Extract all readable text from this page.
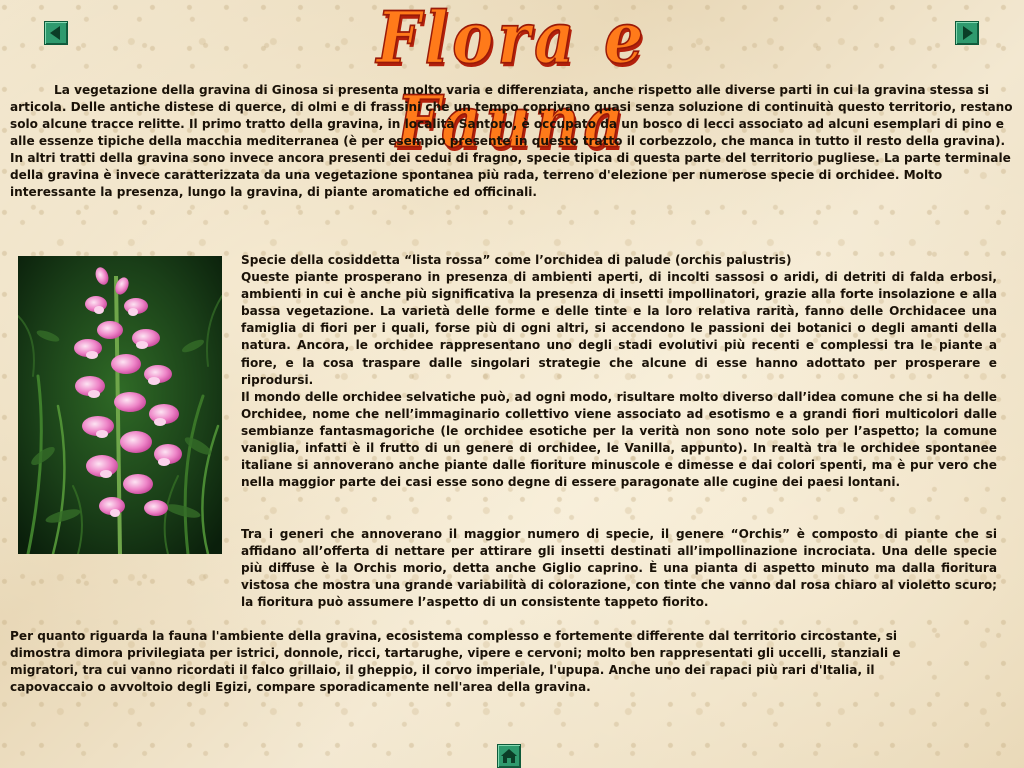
Flora e Fauna

La vegetazione della gravina di Ginosa si presenta molto varia e differenziata, anche rispetto alle diverse parti in cui la gravina stessa si articola. Delle antiche distese di querce, di olmi e di frassini che un tempo coprivano quasi senza soluzione di continuità questo territorio, restano solo alcune tracce relitte. Il primo tratto della gravina, in località Santoro, è occupato da un bosco di lecci associato ad alcuni esemplari di pino e alle essenze tipiche della macchia mediterranea (è per esempio presente in questo tratto il corbezzolo, che manca in tutto il resto della gravina). In altri tratti della gravina sono invece ancora presenti dei cedui di fragno, specie tipica di questa parte del territorio pugliese. La parte terminale della gravina è invece caratterizzata da una vegetazione spontanea più rada, terreno d'elezione per numerose specie di orchidee. Molto interessante la presenza, lungo la gravina, di piante aromatiche ed officinali.

Specie della cosiddetta “lista rossa” come l’orchidea di palude (orchis palustris)

Queste piante prosperano in presenza di ambienti aperti, di incolti sassosi o aridi, di detriti di falda erbosi, ambienti in cui è anche più significativa la presenza di insetti impollinatori, grazie alla forte insolazione e alla bassa vegetazione. La varietà delle forme e delle tinte e la loro relativa rarità, fanno delle Orchidacee una famiglia di fiori per i quali, forse più di ogni altri, si accendono le passioni dei botanici o degli amanti della natura. Ancora, le orchidee rappresentano uno degli stadi evolutivi più recenti e complessi tra le piante a fiore, e la cosa traspare dalle singolari strategie che alcune di esse hanno adottato per prosperare e riprodursi.

Il mondo delle orchidee selvatiche può, ad ogni modo, risultare molto diverso dall’idea comune che si ha delle Orchidee, nome che nell’immaginario collettivo viene associato ad esotismo e a grandi fiori multicolori dalle sembianze fantasmagoriche (le orchidee esotiche per la verità non sono note solo per l’aspetto; la comune vaniglia, infatti è il frutto di un genere di orchidee, le Vanilla, appunto). In realtà tra le orchidee spontanee italiane si annoverano anche piante dalle fioriture minuscole e dimesse e dai colori spenti, ma è pur vero che nella maggior parte dei casi esse sono degne di essere paragonate alle cugine dei paesi lontani.

Tra i generi che annoverano il maggior numero di specie, il genere “Orchis” è composto di piante che si affidano all’offerta di nettare per attirare gli insetti destinati all’impollinazione incrociata. Una delle specie più diffuse è la Orchis morio, detta anche Giglio caprino. È una pianta di aspetto minuto ma dalla fioritura vistosa che mostra una grande variabilità di colorazione, con tinte che vanno dal rosa chiaro al violetto scuro; la fioritura può assumere l’aspetto di un consistente tappeto fiorito.

Per quanto riguarda la fauna l'ambiente della gravina, ecosistema complesso e fortemente differente dal territorio circostante, si dimostra dimora privilegiata per istrici, donnole, ricci, tartarughe, vipere e cervoni; molto ben rappresentati gli uccelli, stanziali e migratori, tra cui vanno ricordati il falco grillaio, il gheppio, il corvo imperiale, l'upupa. Anche uno dei rapaci più rari d'Italia, il capovaccaio o avvoltoio degli Egizi, compare sporadicamente nell'area della gravina.
